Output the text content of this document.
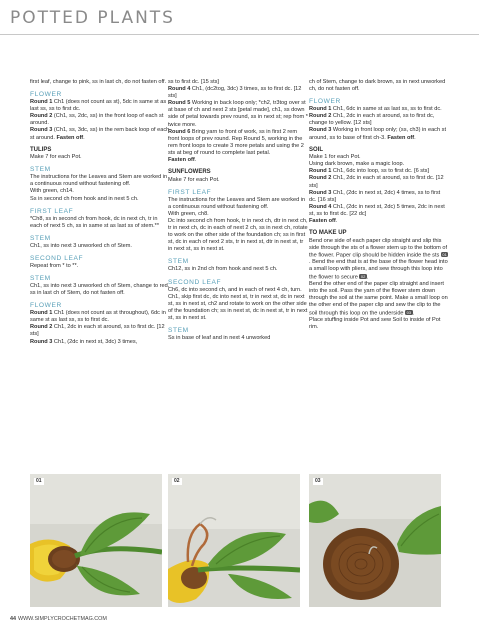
POTTED PLANTS

first leaf, change to pink, ss in last ch, do not fasten off.

FLOWER

Round 1 Ch1 (does not count as st), 5dc in same st as last ss, ss to first dc.
Round 2 (Ch1, ss, 2dc, ss) in the front loop of each st around.
Round 3 (Ch1, ss, 3dc, ss) in the rem back loop of each st around. Fasten off.

TULIPS

Make 7 for each Pot.

STEM

The instructions for the Leaves and Stem are worked in a continuous round without fastening off.
With green, ch14.
Ss in second ch from hook and in next 5 ch.

FIRST LEAF

*Ch8, ss in second ch from hook, dc in next ch, tr in each of next 5 ch, ss in same st as last ss of stem.**

STEM

Ch1, ss into next 3 unworked ch of Stem.

SECOND LEAF

Repeat from * to **.

STEM

Ch1, ss into next 3 unworked ch of Stem, change to red, ss in last ch of Stem, do not fasten off.

FLOWER

Round 1 Ch1 (does not count as st throughout), 6dc in same st as last ss, ss to first dc.
Round 2 Ch1, 2dc in each st around, ss to first dc. [12 sts]
Round 3 Ch1, (2dc in next st, 3dc) 3 times,

ss to first dc. [15 sts]
Round 4 Ch1, (dc2tog, 3dc) 3 times, ss to first dc. [12 sts]
Round 5 Working in back loop only; *ch2, tr3tog over st at base of ch and next 2 sts [petal made], ch1, ss down side of petal towards prev round, ss in next st; rep from * twice more.
Round 6 Bring yarn to front of work, ss in first 2 rem front loops of prev round. Rep Round 5, working in the rem front loops to create 3 more petals and using the 2 sts at beg of round to complete last petal.
Fasten off.

SUNFLOWERS

Make 7 for each Pot.

FIRST LEAF

The instructions for the Leaves and Stem are worked in a continuous round without fastening off.
With green, ch8.
Dc into second ch from hook, tr in next ch, dtr in next ch, tr in next ch, dc in each of next 2 ch, ss in next ch, rotate to work on the other side of the foundation ch; ss in first st, dc in each of next 2 sts, tr in next st, dtr in next st, tr in next st, ss in next st.

STEM

Ch12, ss in 2nd ch from hook and next 5 ch.

SECOND LEAF

Ch6, dc into second ch, and in each of next 4 ch, turn.
Ch1, skip first dc, dc into next st, tr in next st, dc in next st, ss in next st, ch2 and rotate to work on the other side of the foundation ch; ss in next st, dc in next st, tr in next st, ss in next st.

STEM

Ss in base of leaf and in next 4 unworked

ch of Stem, change to dark brown, ss in next unworked ch, do not fasten off.

FLOWER

Round 1 Ch1, 6dc in same st as last ss, ss to first dc.
Round 2 Ch1, 2dc in each st around, ss to first dc, change to yellow. [12 sts]
Round 3 Working in front loop only; (ss, ch3) in each st around, ss to base of first ch-3. Fasten off.

SOIL

Make 1 for each Pot.
Using dark brown, make a magic loop.
Round 1 Ch1, 6dc into loop, ss to first dc. [6 sts]
Round 2 Ch1, 2dc in each st around, ss to first dc. [12 sts]
Round 3 Ch1, (2dc in next st, 2dc) 4 times, ss to first dc. [16 sts]
Round 4 Ch1, (2dc in next st, 2dc) 5 times, 2dc in next st, ss to first dc. [22 dc]
Fasten off.

TO MAKE UP

Bend one side of each paper clip straight and slip this side through the sts of a flower stem up to the bottom of the flower. Paper clip should be hidden inside the sts 01. Bend the end that is at the base of the flower head into a small loop with pliers, and sew through this loop into the flower to secure 02 .
Bend the other end of the paper clip straight and insert into the soil. Pass the yarn of the flower stem down through the soil at the same point. Make a small loop on the other end of the paper clip and sew the clip to the soil through this loop on the underside 03 .
Place stuffing inside Pot and sew Soil to inside of Pot rim.

01	02	03
44 WWW.SIMPLYCROCHETMAG.COM
